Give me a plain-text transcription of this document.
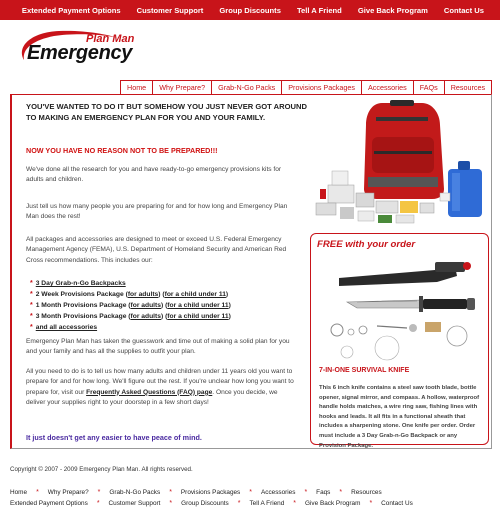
Extended Payment Options	Customer Support	Group Discounts	Tell A Friend	Give Back Program	Contact Us
Plan Man
Emergency
Home	Why Prepare?	Grab-N-Go Packs	Provisions Packages	Accessories	FAQs	Resources
YOU'VE WANTED TO DO IT BUT SOMEHOW YOU JUST NEVER GOT AROUND TO MAKING AN EMERGENCY PLAN FOR YOU AND YOUR FAMILY.
NOW YOU HAVE NO REASON NOT TO BE PREPARED!!!

We've done all the research for you and have ready-to-go emergency provisions kits for adults and children.

Just tell us how many people you are preparing for and for how long and Emergency Plan Man does the rest!

All packages and accessories are designed to meet or exceed U.S. Federal Emergency Management Agency (FEMA), U.S. Department of Homeland Security and American Red Cross recommendations. This includes our:

* 3 Day Grab-n-Go Backpacks
* 2 Week Provisions Package ( for adults ) ( for a child under 11 )
* 1 Month Provisions Package ( for adults ) ( for a child under 11 )
* 3 Month Provisions Package ( for adults ) ( for a child under 11 )
* and all accessories

Emergency Plan Man has taken the guesswork and time out of making a solid plan for you and your family and has all the supplies to outfit your plan.

All you need to do is to tell us how many adults and children under 11 years old you want to prepare for and for how long. We'll figure out the rest. If you're unclear how long you want to prepare for, visit our Frequently Asked Questions (FAQ) page. Once you decide, we deliver your supplies right to your doorstep in a few short days!

It just doesn't get any easier to have peace of mind.
FREE with your order
7-IN-ONE SURVIVAL KNIFE
This 6 inch knife contains a steel saw tooth blade, bottle opener, signal mirror, and compass. A hollow, waterproof handle holds matches, a wire ring saw, fishing lines with hooks and leads. It all fits in a functional sheath that includes a sharpening stone. One knife per order. Order must include a 3 Day Grab-n-Go Backpack or any Provision Package.
Copyright © 2007 - 2009 Emergency Plan Man. All rights reserved.
Home * Why Prepare? * Grab-N-Go Packs * Provisions Packages * Accessories * Faqs * Resources
Extended Payment Options * Customer Support * Group Discounts * Tell A Friend * Give Back Program * Contact Us
